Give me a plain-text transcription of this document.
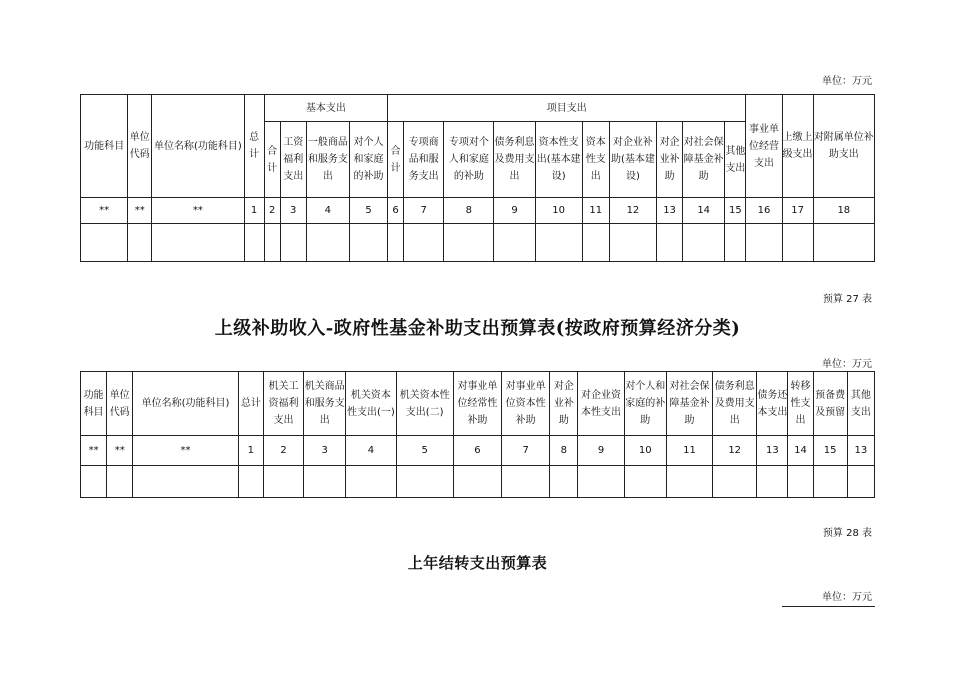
单位：万元
功能科目	单位代码	单位名称(功能科目)	总计	基本支出				项目支出										事业单位经营支出	上缴上级支出	对附属单位补助支出
				合计	工资福利支出	一般商品和服务支出	对个人和家庭的补助	合计	专项商品和服务支出	专项对个人和家庭的补助	债务利息及费用支出	资本性支出(基本建设)	资本性支出	对企业补助(基本建设)	对企业补助	对社会保障基金补助	其他支出			
**	**	**	1	2	3	4	5	6	7	8	9	10	11	12	13	14	15	16	17	18

预算 27 表
上级补助收入-政府性基金补助支出预算表(按政府预算经济分类)
单位：万元
功能科目	单位代码	单位名称(功能科目)	总计	机关工资福利支出	机关商品和服务支出	机关资本性支出(一)	机关资本性支出(二)	对事业单位经常性补助	对事业单位资本性补助	对企业补助	对企业资本性支出	对个人和家庭的补助	对社会保障基金补助	债务利息及费用支出	债务还本支出	转移性支出	预备费及预留	其他支出
**	**	**	1	2	3	4	5	6	7	8	9	10	11	12	13	14	15	13

预算 28 表
上年结转支出预算表
单位：万元
